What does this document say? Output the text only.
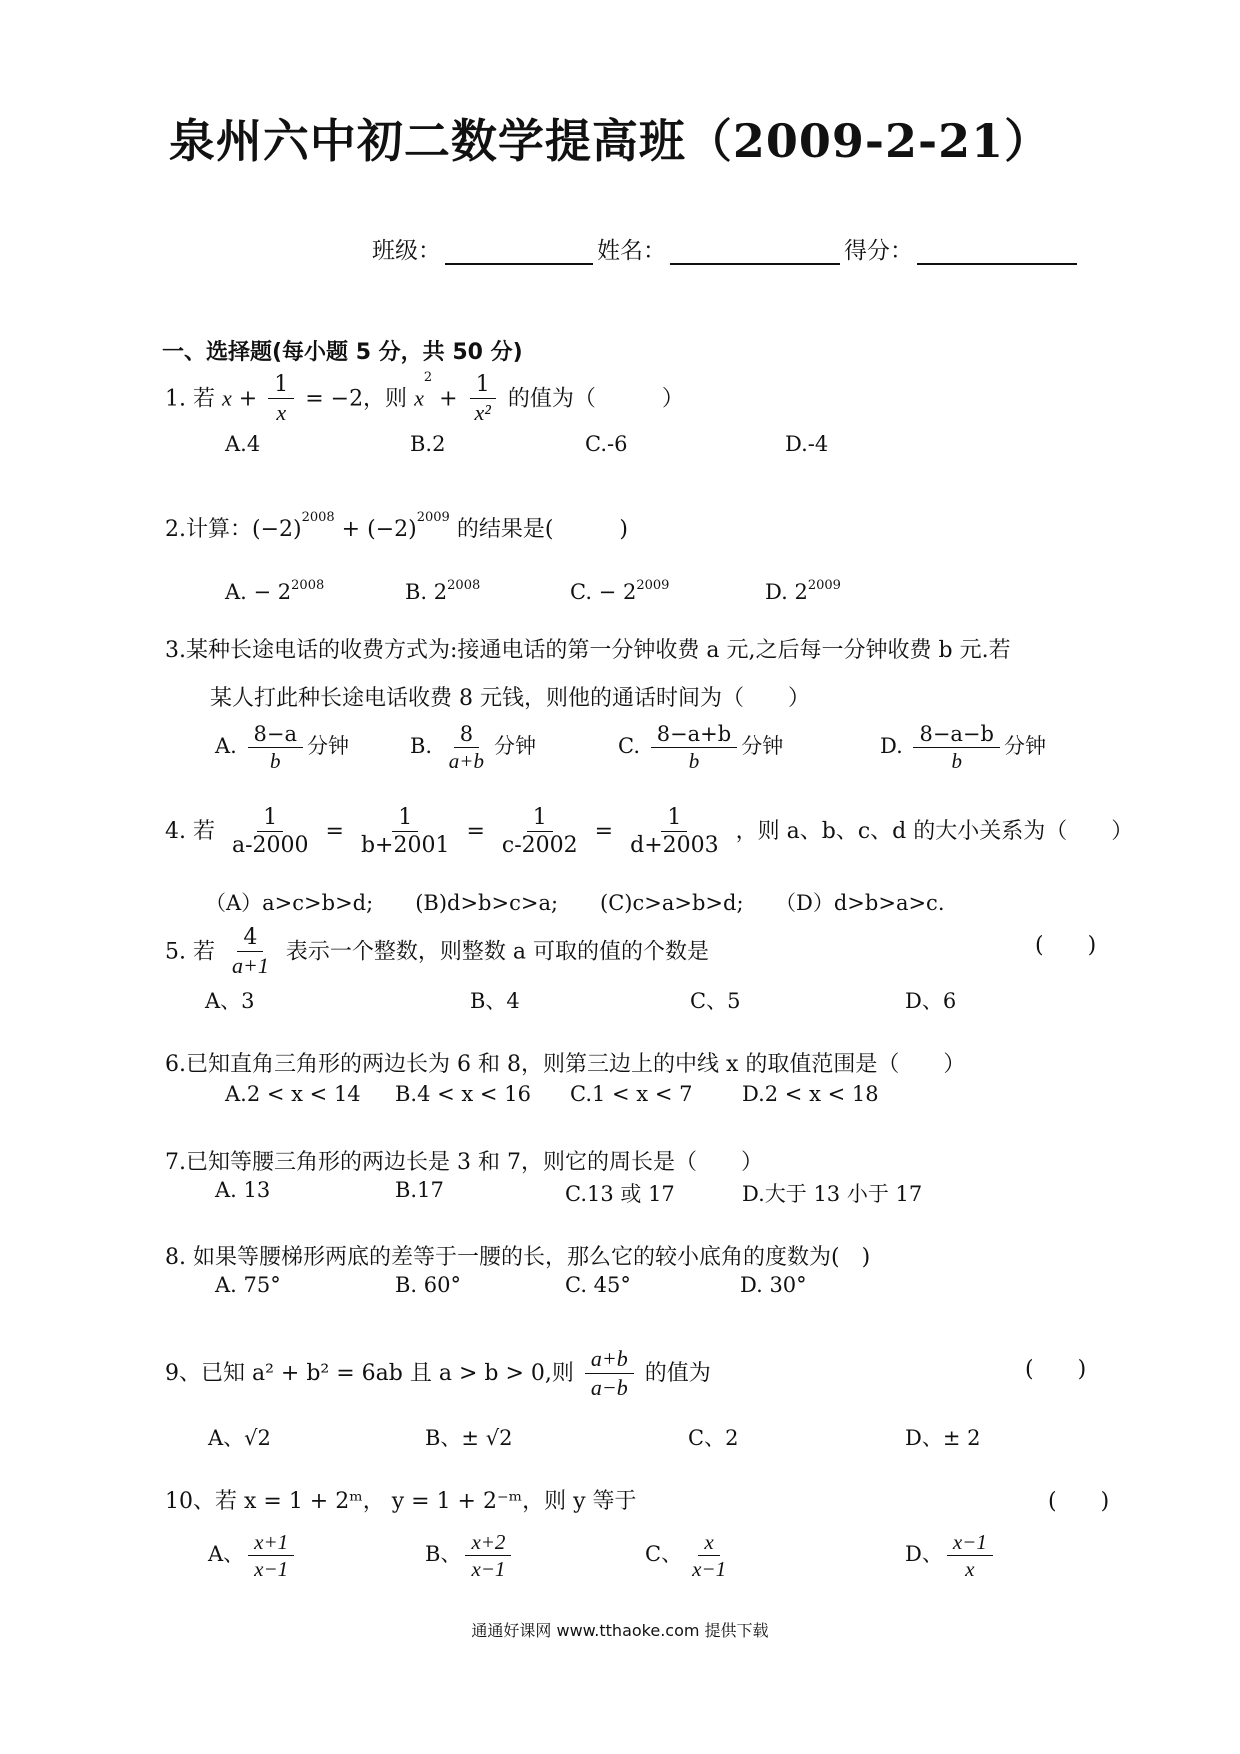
泉州六中初二数学提高班（2009-2-21）
班级：	姓名：	得分：
一、选择题(每小题 5 分，共 50 分)
1. 若 $x + \frac{1}{x} = -2$，则 $x^2 + \frac{1}{\text{x²}}$ 的值为（　　　）
A.4	B.2	C.-6	D.-4
2.计算：$(-2)^{2008} + (-2)^{2009}$ 的结果是(　　　)
A. − $2^{2008}$	B. $2^{2008}$	C. − $2^{2009}$	D. $2^{2009}$
3.某种长途电话的收费方式为:接通电话的第一分钟收费 a 元,之后每一分钟收费 b 元.若
某人打此种长途电话收费 8 元钱，则他的通话时间为（　　）
A. $\frac{8-a}{b}$ 分钟	B. $\frac{8}{a+b}$ 分钟	C. $\frac{8-a+b}{b}$ 分钟	D. $\frac{8-a-b}{b}$ 分钟
4. 若 $\frac{1}{a-2000} = \frac{1}{b+2001} = \frac{1}{c-2002} = \frac{1}{d+2003}$ ，则 a、b、c、d 的大小关系为（　　）
（A）a>c>b>d;　　(B)d>b>c>a;　　(C)c>a>b>d;　　（D）d>b>a>c.
5. 若 $\frac{4}{a+1}$ 表示一个整数，则整数 a 可取的值的个数是	(　　)
A、3	B、4	C、5	D、6
6.已知直角三角形的两边长为 6 和 8，则第三边上的中线 x 的取值范围是（　　）
A.2 < x < 14 B.4 < x < 16 C.1 < x < 7 D.2 < x < 18
7.已知等腰三角形的两边长是 3 和 7，则它的周长是（　　）
A. 13	B.17	C.13 或 17	D.大于 13 小于 17
8. 如果等腰梯形两底的差等于一腰的长，那么它的较小底角的度数为(　)
A. 75°	B. 60°	C. 45°	D. 30°
9、已知 a² + b² = 6ab 且 a > b > 0,则 $\frac{a+b}{a-b}$ 的值为	(　　)
A、√2	B、± √2	C、2	D、± 2
10、若 x = 1 + 2ᵐ， y = 1 + 2⁻ᵐ，则 y 等于	(　　)
A、 $\frac{x+1}{x-1}$	B、 $\frac{x+2}{x-1}$	C、 $\frac{x}{x-1}$	D、 $\frac{x-1}{x}$
通通好课网 www.tthaoke.com 提供下载
